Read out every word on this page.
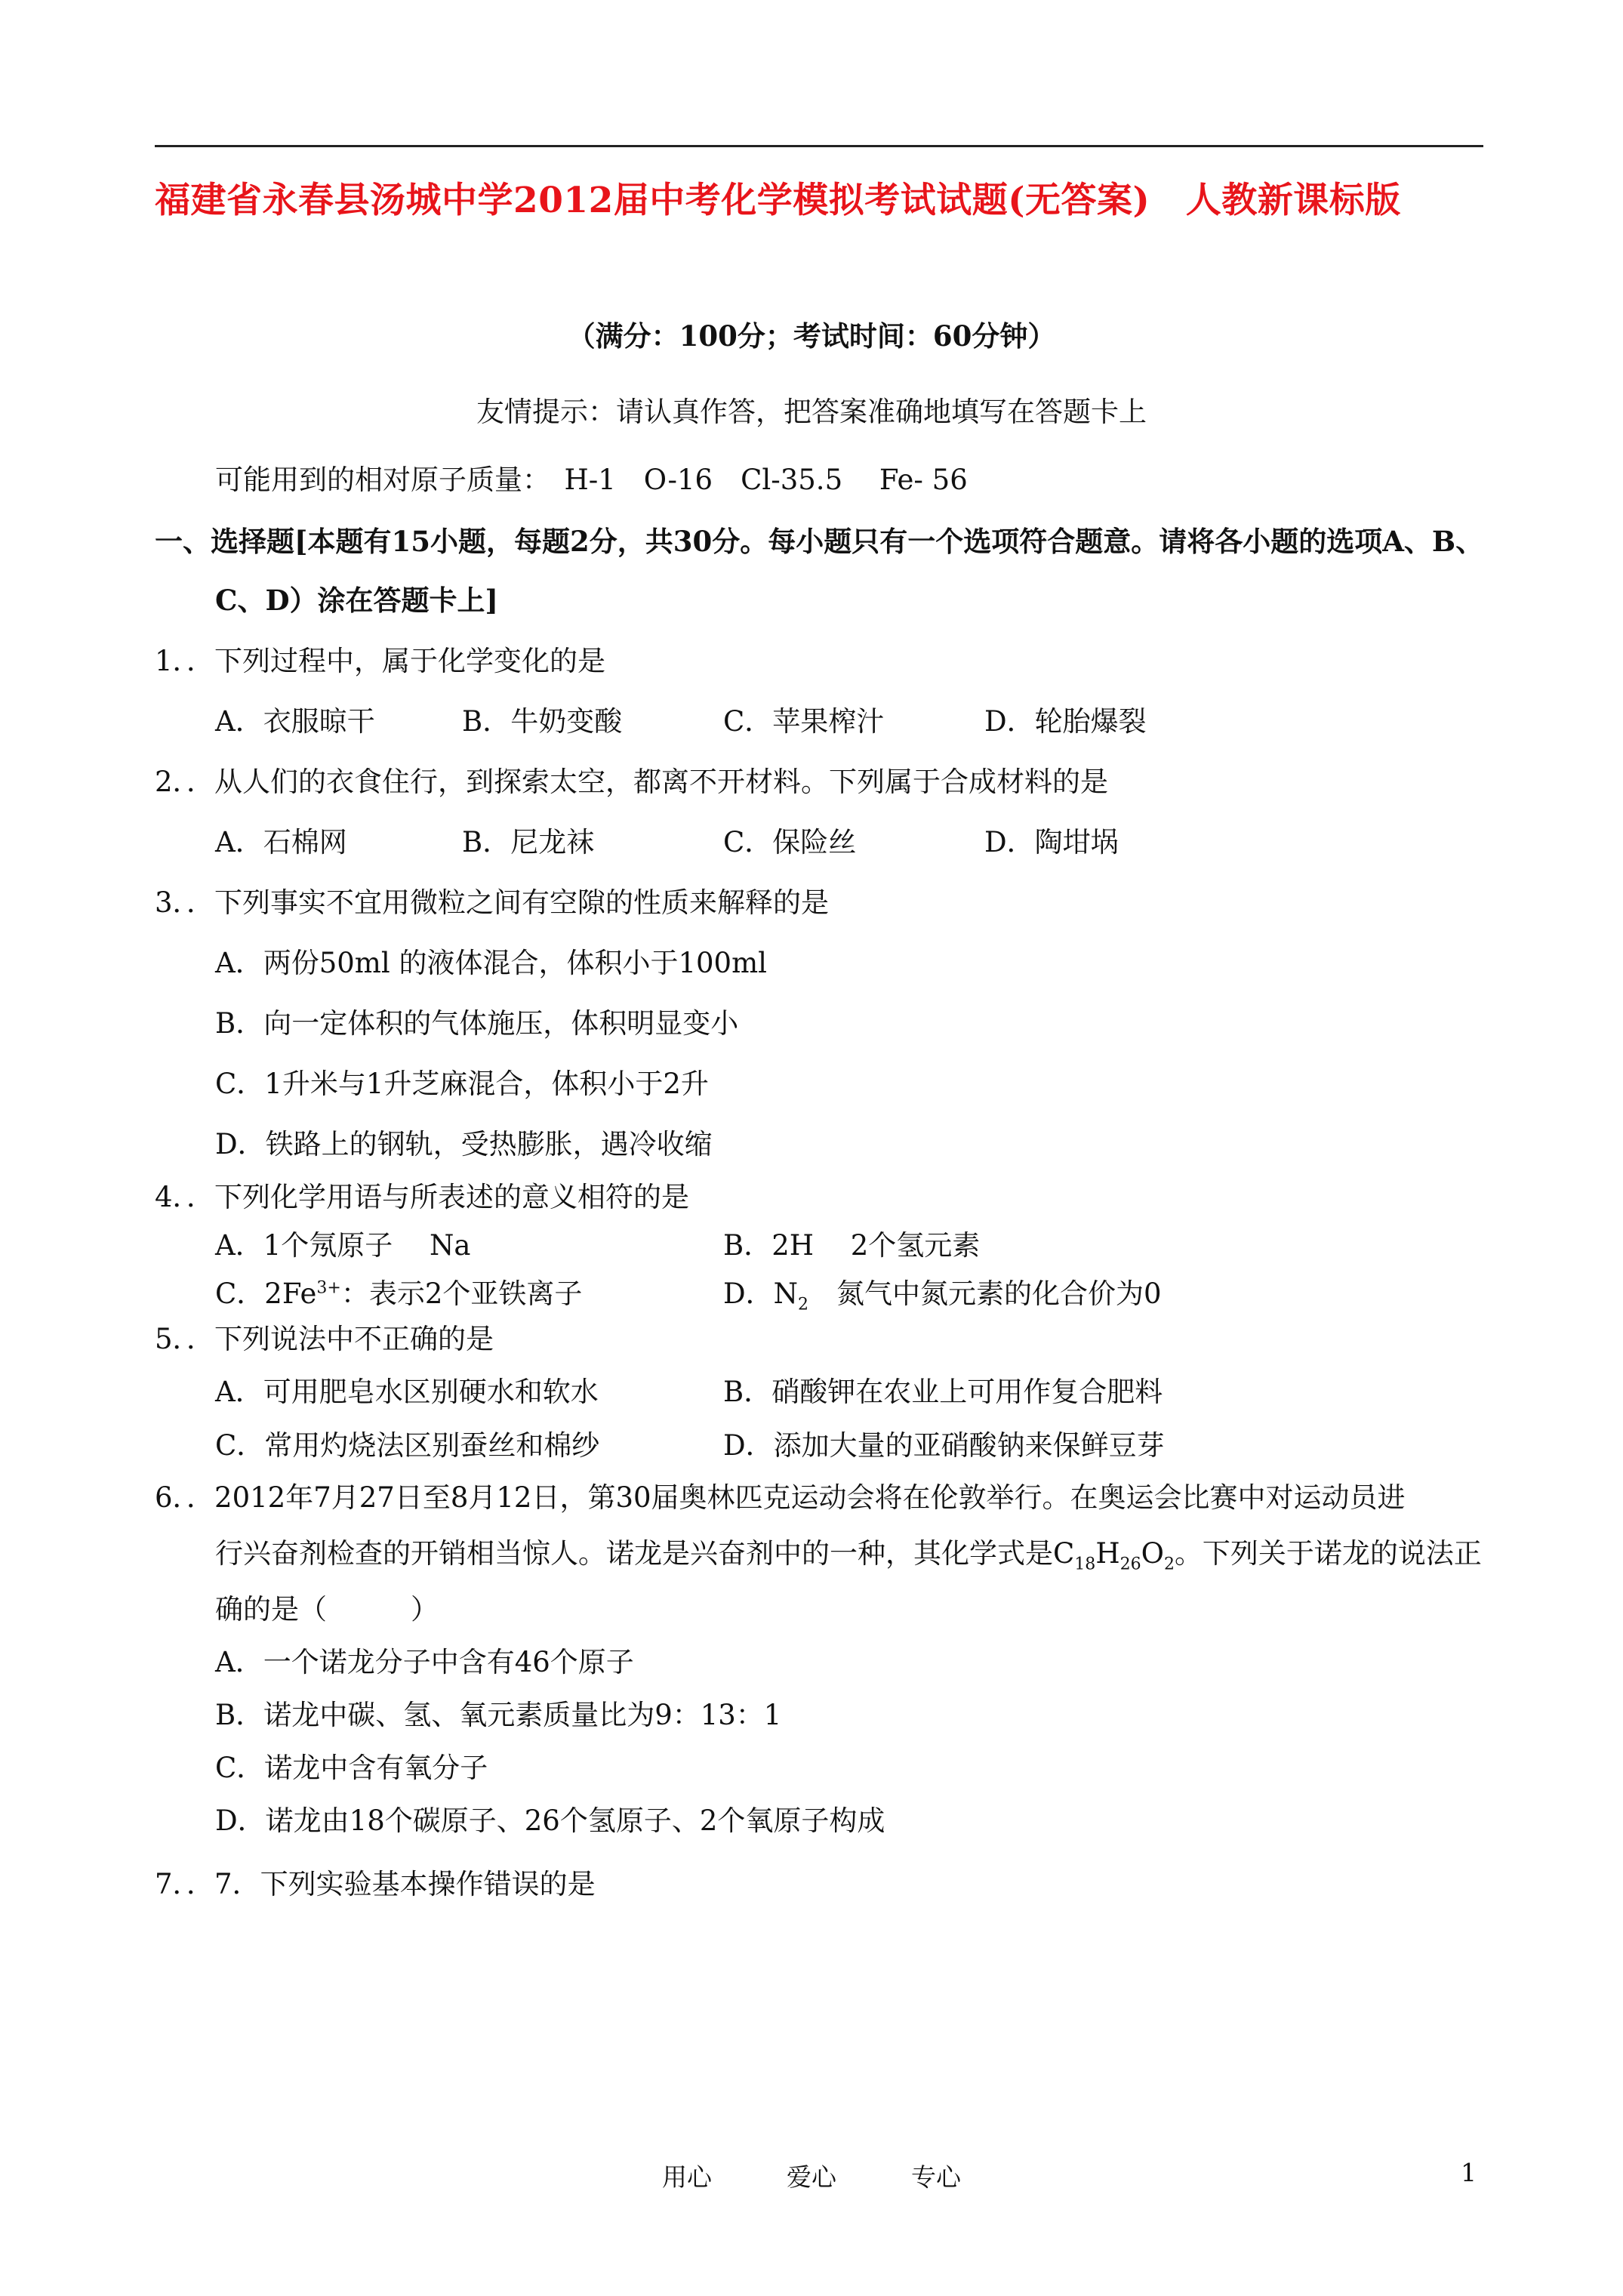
福建省永春县汤城中学2012届中考化学模拟考试试题(无答案)　人教新课标版
（满分：100分；考试时间：60分钟）
友情提示：请认真作答，把答案准确地填写在答题卡上
可能用到的相对原子质量：　H-1　O-16　Cl-35.5　 Fe- 56
一、选择题[本题有15小题，每题2分，共30分。每小题只有一个选项符合题意。请将各小题的选项A、B、
C、D）涂在答题卡上]
1．．下列过程中，属于化学变化的是
A．衣服晾干	B．牛奶变酸	C．苹果榨汁	D．轮胎爆裂
2．．从人们的衣食住行，到探索太空，都离不开材料。下列属于合成材料的是
A．石棉网	B．尼龙袜	C．保险丝	D．陶坩埚
3．．下列事实不宜用微粒之间有空隙的性质来解释的是
A．两份50ml 的液体混合，体积小于100ml
B．向一定体积的气体施压，体积明显变小
C．1升米与1升芝麻混合，体积小于2升
D．铁路上的钢轨，受热膨胀，遇冷收缩
4．．下列化学用语与所表述的意义相符的是
A．1个氖原子　 Na	B．2H　 2个氢元素
C．$2Fe^{3+}$：表示2个亚铁离子	D．$N_2$　氮气中氮元素的化合价为0
5．．下列说法中不正确的是
A．可用肥皂水区别硬水和软水	B．硝酸钾在农业上可用作复合肥料
C．常用灼烧法区别蚕丝和棉纱	D．添加大量的亚硝酸钠来保鲜豆芽
6．．2012年7月27日至8月12日，第30届奥林匹克运动会将在伦敦举行。在奥运会比赛中对运动员进
行兴奋剂检查的开销相当惊人。诺龙是兴奋剂中的一种，其化学式是$C_{18}H_{26}O_2$。下列关于诺龙的说法正
确的是（　　　）
A．一个诺龙分子中含有46个原子
B．诺龙中碳、氢、氧元素质量比为9：13：1
C．诺龙中含有氧分子
D．诺龙由18个碳原子、26个氢原子、2个氧原子构成
7．．7．下列实验基本操作错误的是
用心　　　爱心　　　专心	1
